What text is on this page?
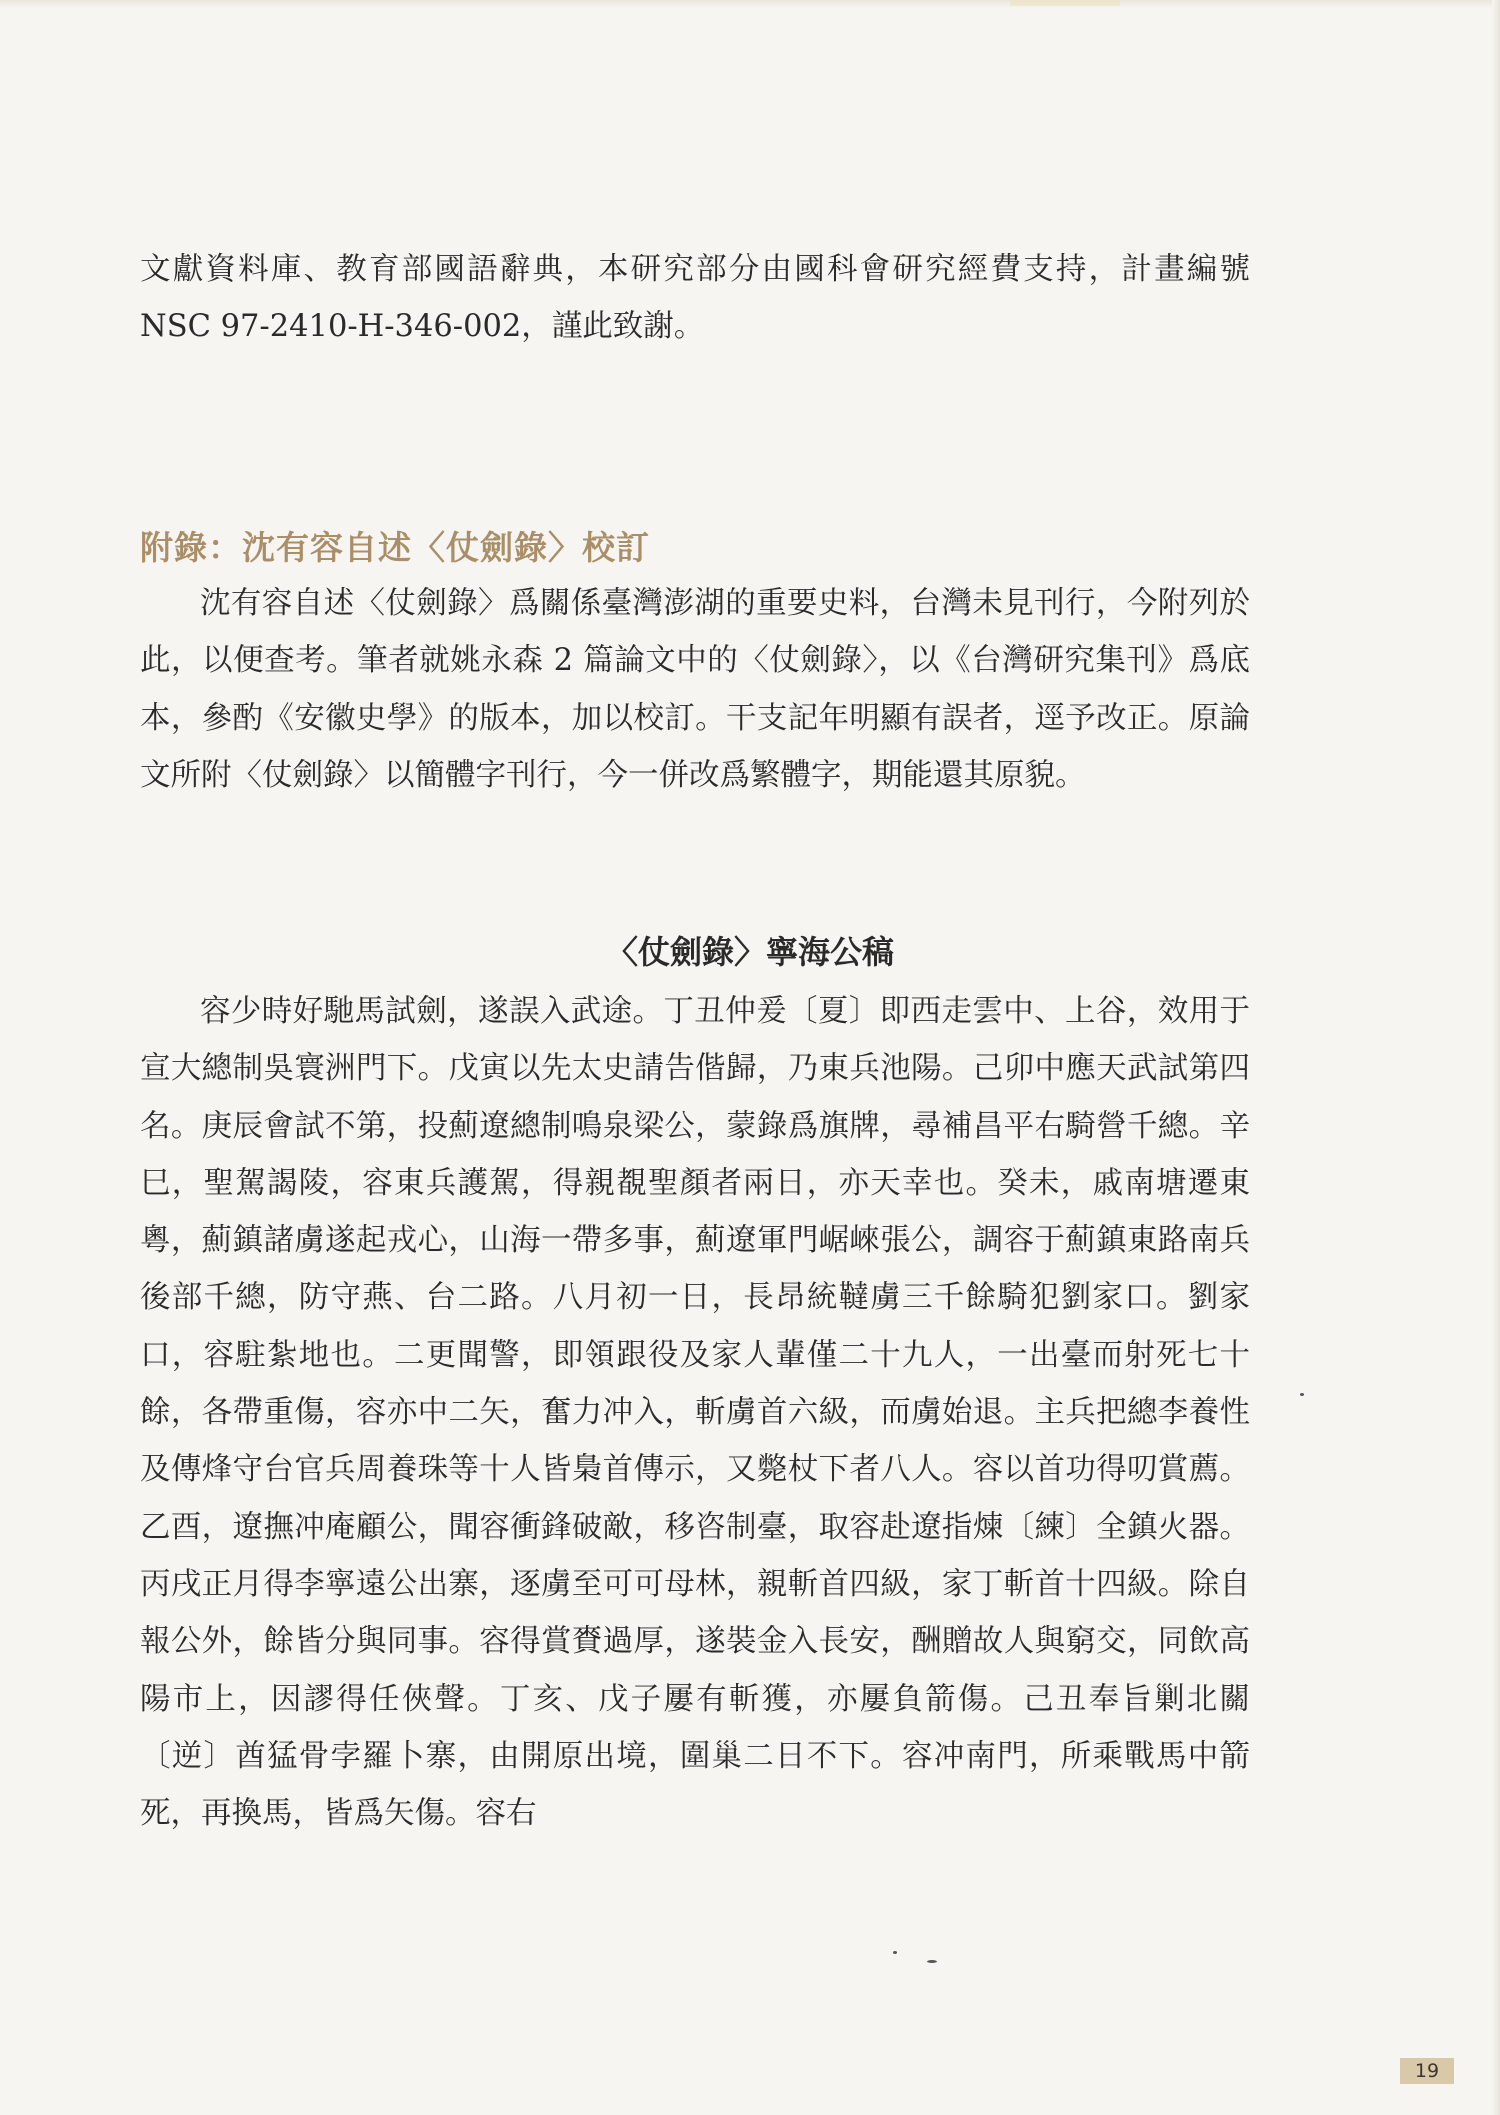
文獻資料庫、教育部國語辭典，本研究部分由國科會研究經費支持，計畫編號 NSC 97-2410-H-346-002，謹此致謝。

附錄：沈有容自述〈仗劍錄〉校訂

沈有容自述〈仗劍錄〉爲關係臺灣澎湖的重要史料，台灣未見刊行，今附列於此，以便查考。筆者就姚永森 2 篇論文中的〈仗劍錄〉，以《台灣研究集刊》爲底本，參酌《安徽史學》的版本，加以校訂。干支記年明顯有誤者，逕予改正。原論文所附〈仗劍錄〉以簡體字刊行，今一併改爲繁體字，期能還其原貌。

〈仗劍錄〉寧海公稿

容少時好馳馬試劍，遂誤入武途。丁丑仲爰〔夏〕即西走雲中、上谷，效用于宣大總制吳寰洲門下。戊寅以先太史請告偕歸，乃東兵池陽。己卯中應天武試第四名。庚辰會試不第，投薊遼總制鳴泉梁公，蒙錄爲旗牌，尋補昌平右騎營千總。辛巳，聖駕謁陵，容東兵護駕，得親覩聖顏者兩日，亦天幸也。癸未，戚南塘遷東粵，薊鎮諸虜遂起戎心，山海一帶多事，薊遼軍門崌崍張公，調容于薊鎮東路南兵後部千總，防守燕、台二路。八月初一日，長昂統韃虜三千餘騎犯劉家口。劉家口，容駐紮地也。二更聞警，即領跟役及家人輩僅二十九人，一出臺而射死七十餘，各帶重傷，容亦中二矢，奮力冲入，斬虜首六級，而虜始退。主兵把總李養性及傳烽守台官兵周養珠等十人皆梟首傳示，又斃杖下者八人。容以首功得叨賞薦。乙酉，遼撫冲庵顧公，聞容衝鋒破敵，移咨制臺，取容赴遼指煉〔練〕全鎮火器。丙戌正月得李寧遠公出寨，逐虜至可可母林，親斬首四級，家丁斬首十四級。除自報公外，餘皆分與同事。容得賞賚過厚，遂裝金入長安，酬贈故人與窮交，同飲高陽市上，因謬得任俠聲。丁亥、戊子屢有斬獲，亦屢負箭傷。己丑奉旨剿北關〔逆〕酋猛骨孛羅卜寨，由開原出境，圍巢二日不下。容冲南門，所乘戰馬中箭死，再換馬，皆爲矢傷。容右

19
